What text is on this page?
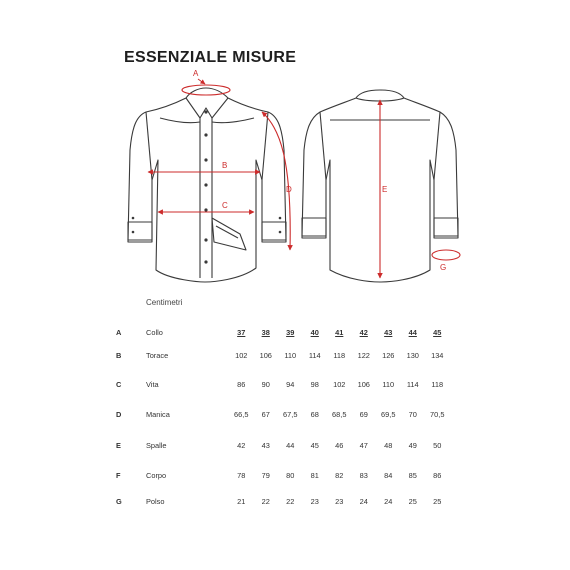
ESSENZIALE MISURE
A
B
C
D	E
G
Centimetri
A	Collo	37	38	39	40	41	42	43	44	45
B	Torace	102	106	110	114	118	122	126	130	134
C	Vita	86	90	94	98	102	106	110	114	118
D	Manica	66,5	67	67,5	68	68,5	69	69,5	70	70,5
E	Spalle	42	43	44	45	46	47	48	49	50
F	Corpo	78	79	80	81	82	83	84	85	86
G	Polso	21	22	22	23	23	24	24	25	25
